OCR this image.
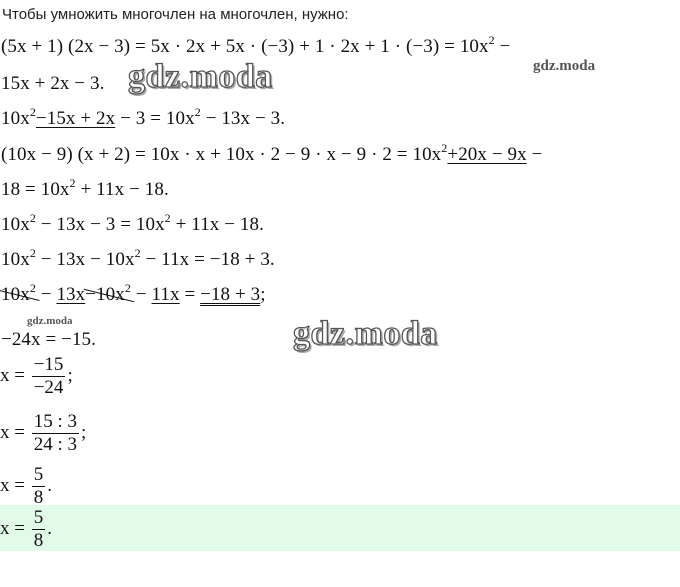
Чтобы умножить многочлен на многочлен, нужно:
(5x + 1) $(2x - 3) = 5x \cdot 2x + 5x \cdot (-3) + 1 \cdot 2x + 1 \cdot (-3) = 10x^2$ −
15x + 2x − 3.
$10x^2-15x + 2x - 3 = 10x^2 - 13x - 3$.
(10x − 9) $(x + 2) = 10x \cdot x + 10x \cdot 2 - 9 \cdot x - 9 \cdot 2 = 10x^2+20x - 9x$ −
$18 = 10x^2 + 11x - 18$.
$10x^2 - 13x - 3 = 10x^2 + 11x - 18$.
$10x^2 - 13x - 10x^2 - 11x = -18 + 3$.
$10x^2 - 13x-10x^2 - 11x = -18 + 3$;
gdz.moda
−24x = −15.
$x = \frac{-15}{-24}$ ;
$x = \frac{15 : 3}{24 : 3}$ ;
$x = \frac{5}{8}$ .
$x = \frac{5}{8}$ .
gdz.moda	gdz.moda
gdz.moda
